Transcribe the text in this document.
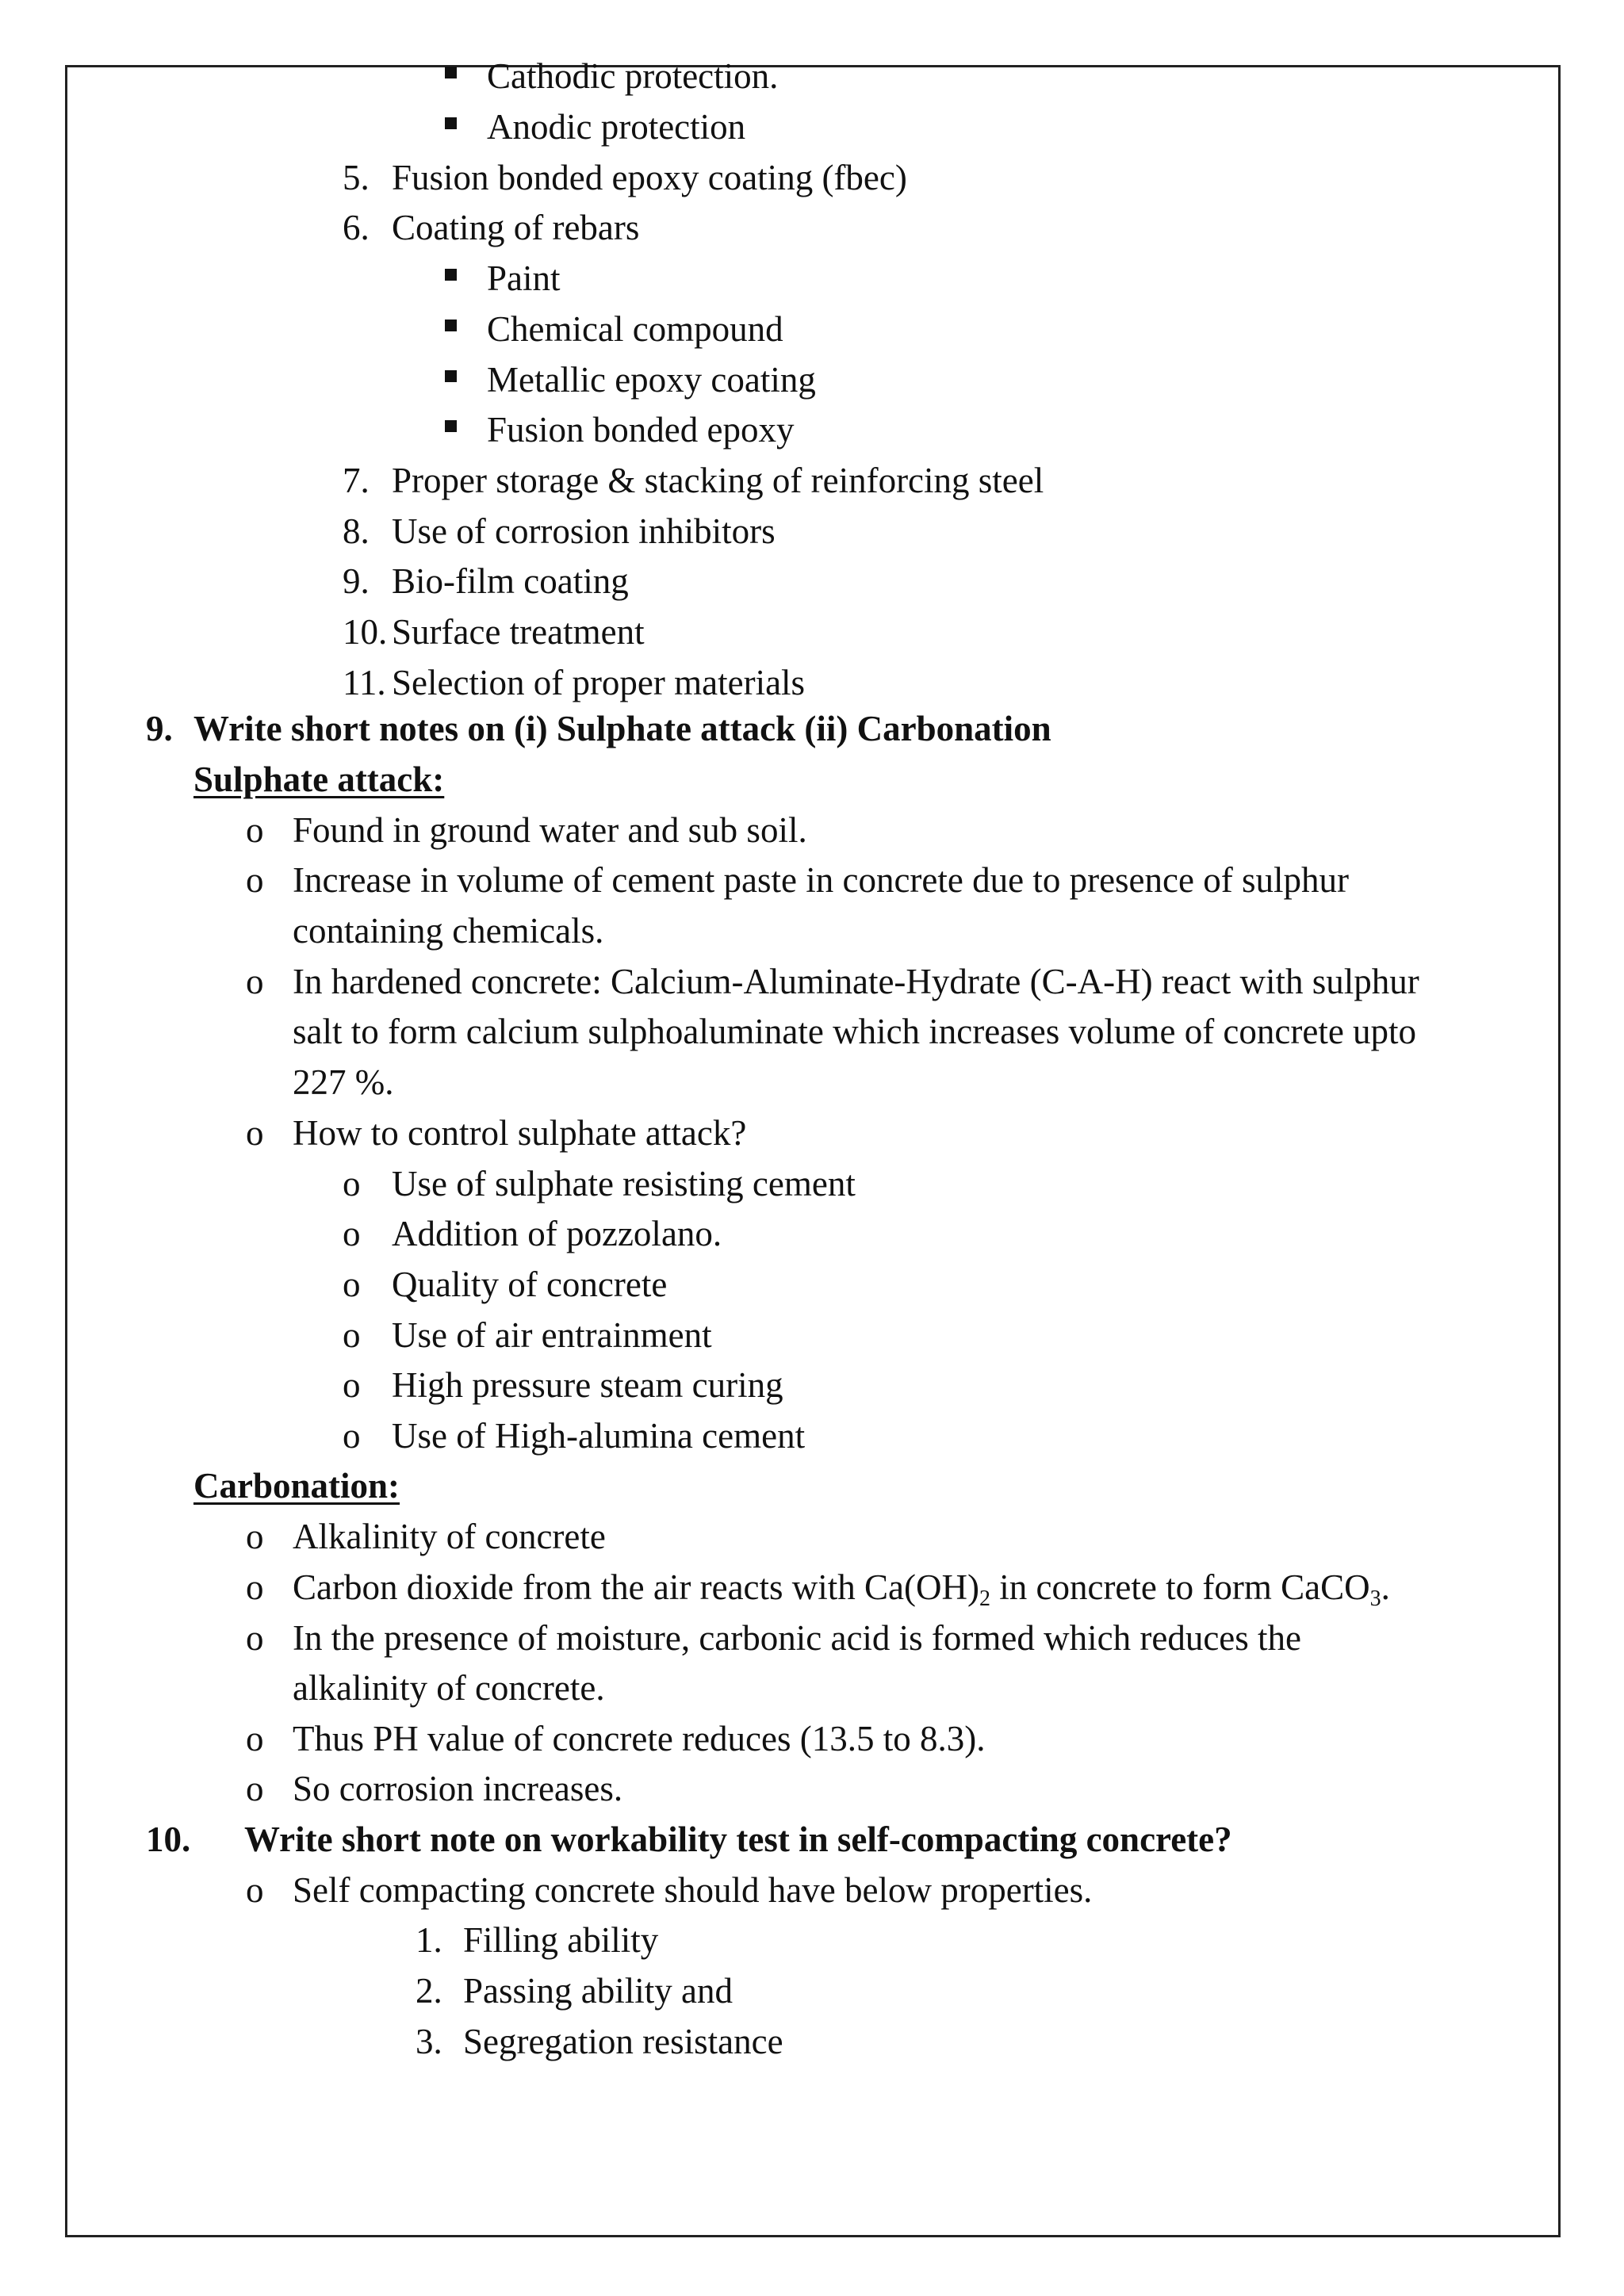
Cathodic protection.
Anodic protection
5. Fusion bonded epoxy coating (fbec)
6. Coating of rebars
Paint
Chemical compound
Metallic epoxy coating
Fusion bonded epoxy
7. Proper storage & stacking of reinforcing steel
8. Use of corrosion inhibitors
9. Bio-film coating
10. Surface treatment
11. Selection of proper materials
9. Write short notes on (i) Sulphate attack (ii) Carbonation
Sulphate attack:
o Found in ground water and sub soil.
o Increase in volume of cement paste in concrete due to presence of sulphur
containing chemicals.
o In hardened concrete: Calcium-Aluminate-Hydrate (C-A-H) react with sulphur
salt to form calcium sulphoaluminate which increases volume of concrete upto
227 %.
o How to control sulphate attack?
o Use of sulphate resisting cement
o Addition of pozzolano.
o Quality of concrete
o Use of air entrainment
o High pressure steam curing
o Use of High-alumina cement
Carbonation:
o Alkalinity of concrete
o Carbon dioxide from the air reacts with $Ca(OH)_2$ in concrete to form CaCO$_3$.
o In the presence of moisture, carbonic acid is formed which reduces the
alkalinity of concrete.
o Thus PH value of concrete reduces (13.5 to 8.3).
o So corrosion increases.
10. Write short note on workability test in self-compacting concrete?
o Self compacting concrete should have below properties.
1. Filling ability
2. Passing ability and
3. Segregation resistance
